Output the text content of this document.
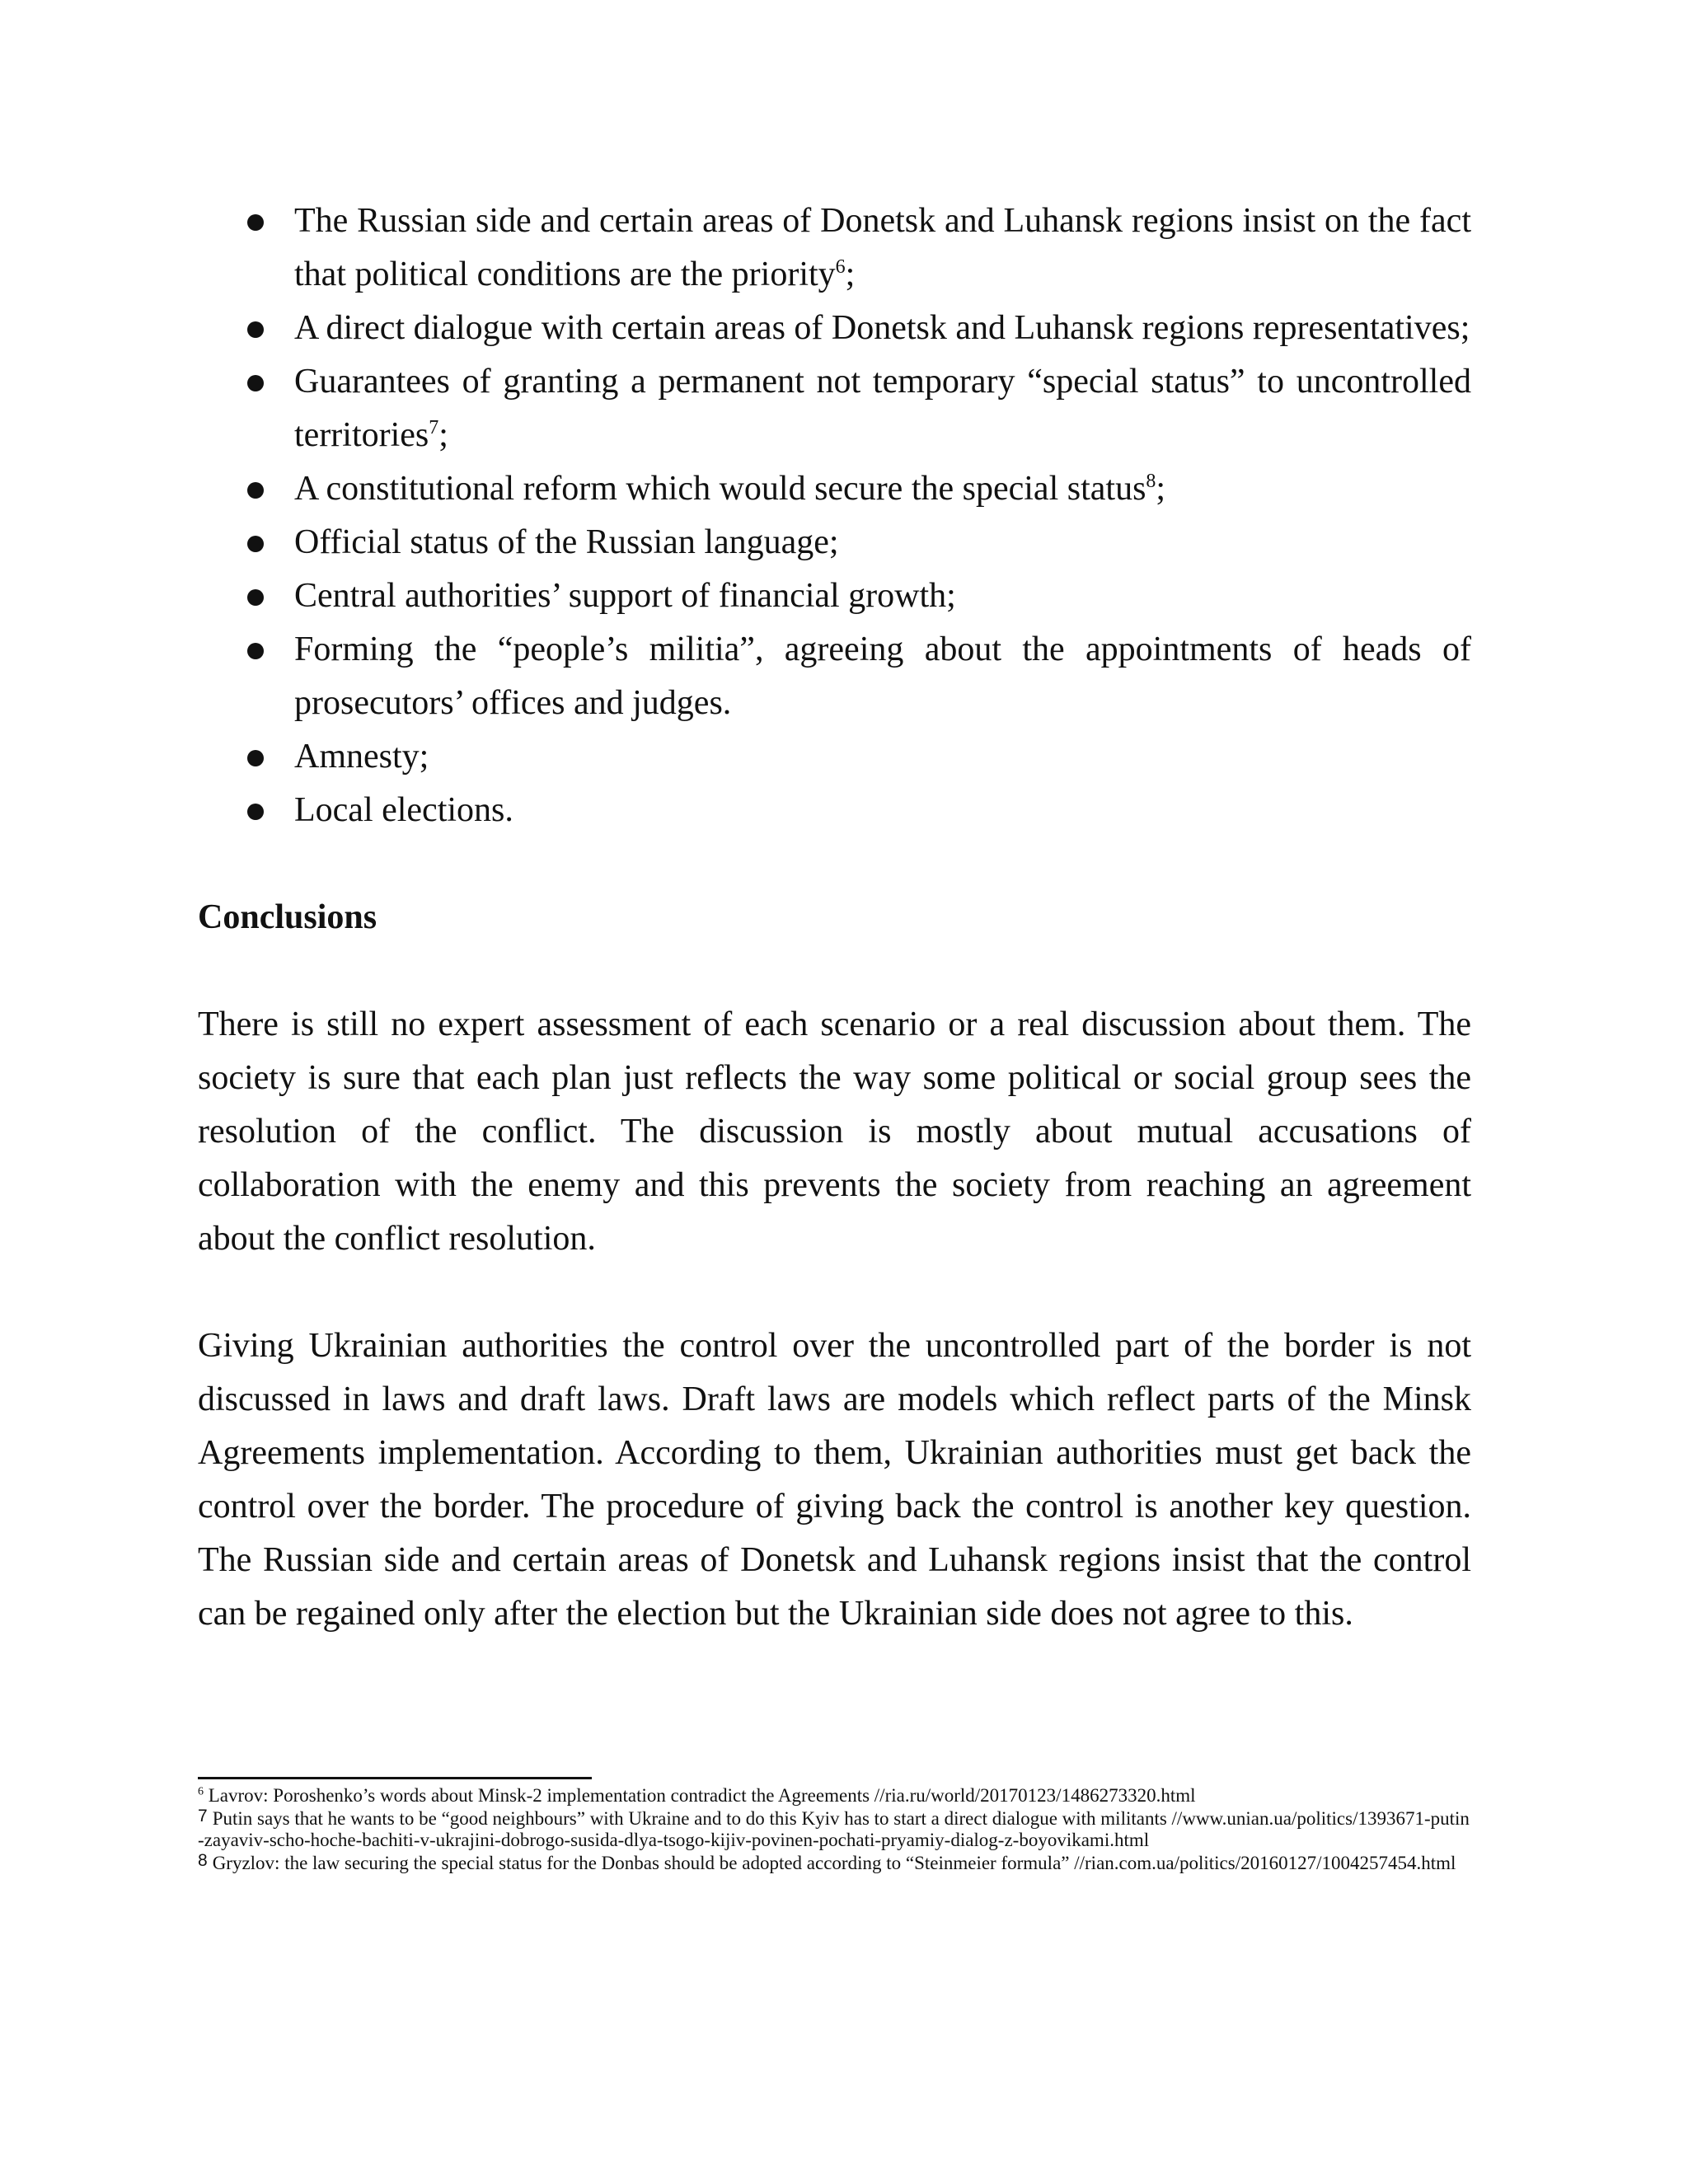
The Russian side and certain areas of Donetsk and Luhansk regions insist on the fact that political conditions are the priority$^6$;
A direct dialogue with certain areas of Donetsk and Luhansk regions representatives;
Guarantees of granting a permanent not temporary “special status” to uncontrolled territories$^7$;
A constitutional reform which would secure the special status$^8$;
Official status of the Russian language;
Central authorities’ support of financial growth;
Forming the “people’s militia”, agreeing about the appointments of heads of prosecutors’ offices and judges.
Amnesty;
Local elections.
Conclusions

There is still no expert assessment of each scenario or a real discussion about them. The society is sure that each plan just reflects the way some political or social group sees the resolution of the conflict. The discussion is mostly about mutual accusations of collaboration with the enemy and this prevents the society from reaching an agreement about the conflict resolution.

Giving Ukrainian authorities the control over the uncontrolled part of the border is not discussed in laws and draft laws. Draft laws are models which reflect parts of the Minsk Agreements implementation. According to them, Ukrainian authorities must get back the control over the border. The procedure of giving back the control is another key question. The Russian side and certain areas of Donetsk and Luhansk regions insist that the control can be regained only after the election but the Ukrainian side does not agree to this.

$^6$ Lavrov: Poroshenko’s words about Minsk-2 implementation contradict the Agreements //ria.ru/world/20170123/1486273320.html

7 Putin says that he wants to be “good neighbours” with Ukraine and to do this Kyiv has to start a direct dialogue with militants //www.unian.ua/politics/1393671-putin-zayaviv-scho-hoche-bachiti-v-ukrajini-dobrogo-susida-dlya-tsogo-kijiv-povinen-pochati-pryamiy-dialog-z-boyovikami.html

8 Gryzlov: the law securing the special status for the Donbas should be adopted according to “Steinmeier formula” //rian.com.ua/politics/20160127/1004257454.html
